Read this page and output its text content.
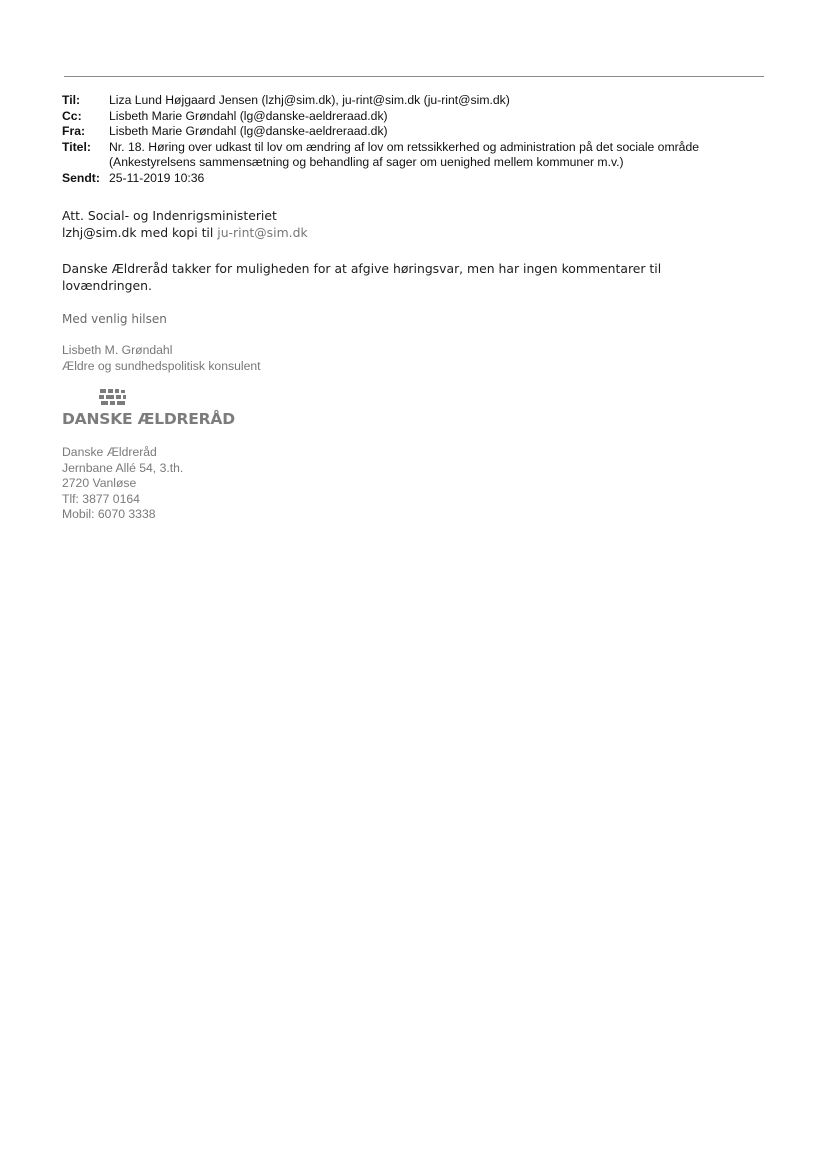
Til:	Liza Lund Højgaard Jensen (lzhj@sim.dk), ju-rint@sim.dk (ju-rint@sim.dk)
Cc:	Lisbeth Marie Grøndahl (lg@danske-aeldreraad.dk)
Fra:	Lisbeth Marie Grøndahl (lg@danske-aeldreraad.dk)
Titel:	Nr. 18. Høring over udkast til lov om ændring af lov om retssikkerhed og administration på det sociale område
(Ankestyrelsens sammensætning og behandling af sager om uenighed mellem kommuner m.v.)
Sendt: 25-11-2019 10:36
Att. Social- og Indenrigsministeriet
lzhj@sim.dk med kopi til ju-rint@sim.dk
Danske Ældreråd takker for muligheden for at afgive høringsvar, men har ingen kommentarer til
lovændringen.
Med venlig hilsen
Lisbeth M. Grøndahl
Ældre og sundhedspolitisk konsulent
DANSKE ÆLDRERÅD
Danske Ældreråd
Jernbane Allé 54, 3.th.
2720 Vanløse
Tlf: 3877 0164
Mobil: 6070 3338
